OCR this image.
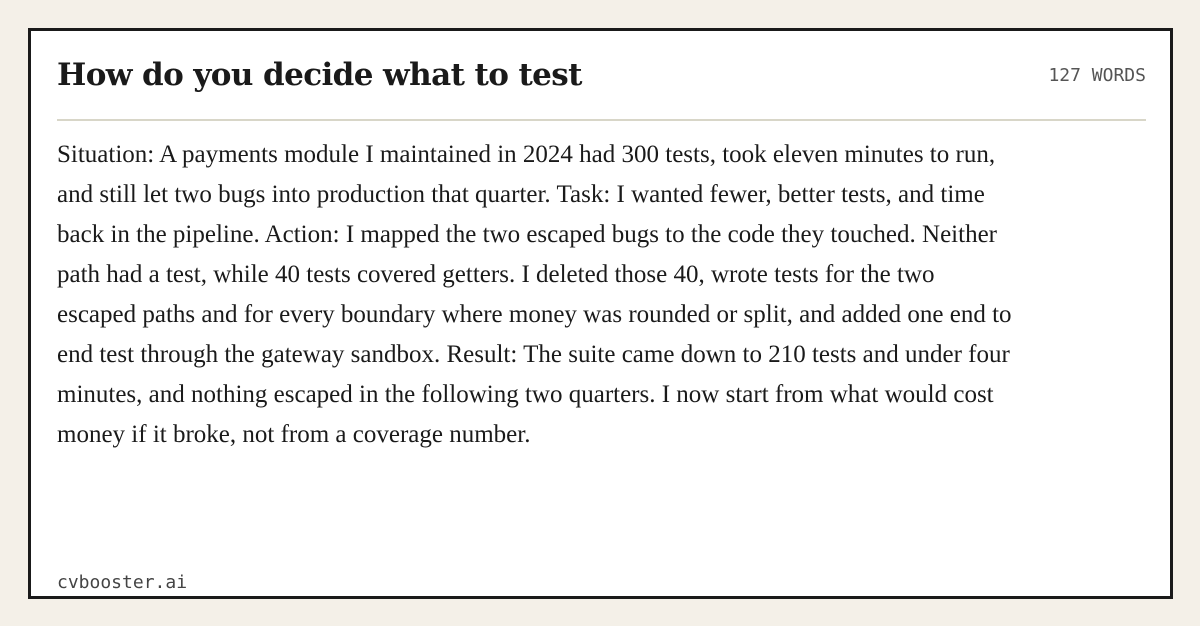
How do you decide what to test	127 WORDS

Situation: A payments module I maintained in 2024 had 300 tests, took eleven minutes to run, and still let two bugs into production that quarter. Task: I wanted fewer, better tests, and time back in the pipeline. Action: I mapped the two escaped bugs to the code they touched. Neither path had a test, while 40 tests covered getters. I deleted those 40, wrote tests for the two escaped paths and for every boundary where money was rounded or split, and added one end to end test through the gateway sandbox. Result: The suite came down to 210 tests and under four minutes, and nothing escaped in the following two quarters. I now start from what would cost money if it broke, not from a coverage number.

cvbooster.ai
